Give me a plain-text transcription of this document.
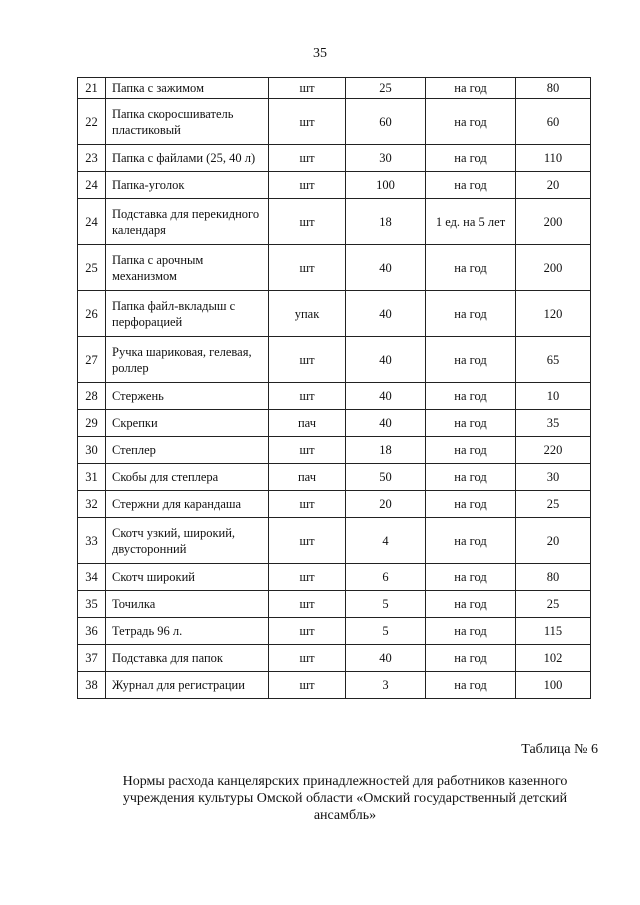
35
21	Папка с зажимом	шт	25	на год	80
22	Папка скоросшиватель пластиковый	шт	60	на год	60
23	Папка с файлами (25, 40 л)	шт	30	на год	110
24	Папка-уголок	шт	100	на год	20
24	Подставка для перекидного календаря	шт	18	1 ед. на 5 лет	200
25	Папка с арочным механизмом	шт	40	на год	200
26	Папка файл-вкладыш с перфорацией	упак	40	на год	120
27	Ручка шариковая, гелевая, роллер	шт	40	на год	65
28	Стержень	шт	40	на год	10
29	Скрепки	пач	40	на год	35
30	Степлер	шт	18	на год	220
31	Скобы для степлера	пач	50	на год	30
32	Стержни для карандаша	шт	20	на год	25
33	Скотч узкий, широкий, двусторонний	шт	4	на год	20
34	Скотч широкий	шт	6	на год	80
35	Точилка	шт	5	на год	25
36	Тетрадь 96 л.	шт	5	на год	115
37	Подставка для папок	шт	40	на год	102
38	Журнал для регистрации	шт	3	на год	100
Таблица № 6
Нормы расхода канцелярских принадлежностей для работников казенного учреждения культуры Омской области «Омский государственный детский ансамбль»
